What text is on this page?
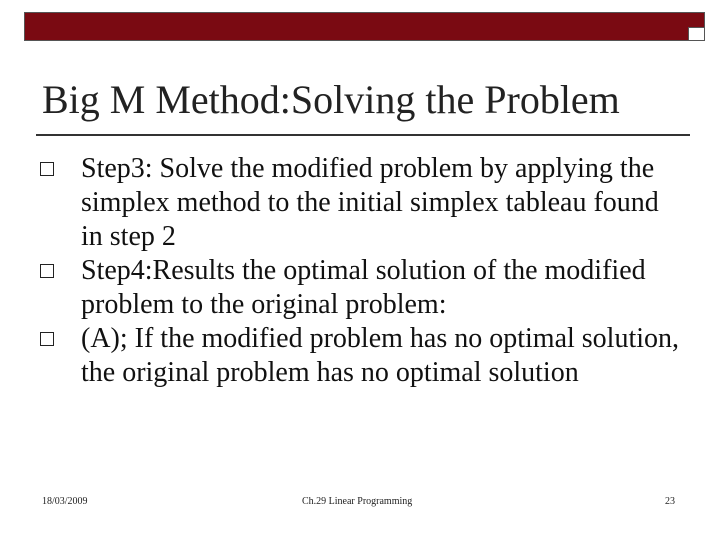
Big M Method:Solving the Problem
Step3: Solve the modified problem by applying the simplex method to the initial simplex tableau found in step 2
Step4:Results the optimal solution of the modified problem to the original problem:
(A); If the modified problem has no optimal solution, the original problem has no optimal solution
18/03/2009	Ch.29 Linear Programming	23
